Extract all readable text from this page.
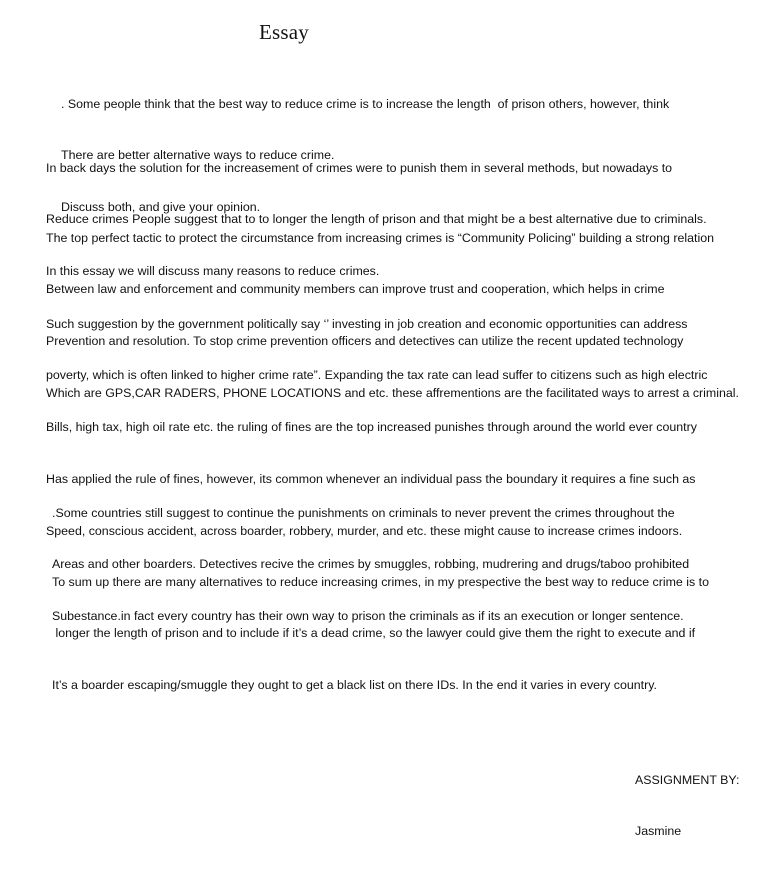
Essay

. Some people think that the best way to reduce crime is to increase the length  of prison others, however, think

There are better alternative ways to reduce crime.

Discuss both, and give your opinion.

In back days the solution for the increasement of crimes were to punish them in several methods, but nowadays to

Reduce crimes People suggest that to to longer the length of prison and that might be a best alternative due to criminals.

In this essay we will discuss many reasons to reduce crimes.

The top perfect tactic to protect the circumstance from increasing crimes is “Community Policing” building a strong relation

Between law and enforcement and community members can improve trust and cooperation, which helps in crime

Prevention and resolution. To stop crime prevention officers and detectives can utilize the recent updated technology

Which are GPS,CAR RADERS, PHONE LOCATIONS and etc. these affrementions are the facilitated ways to arrest a criminal.

Such suggestion by the government politically say ‘’ investing in job creation and economic opportunities can address

poverty, which is often linked to higher crime rate”. Expanding the tax rate can lead suffer to citizens such as high electric

Bills, high tax, high oil rate etc. the ruling of fines are the top increased punishes through around the world ever country

Has applied the rule of fines, however, its common whenever an individual pass the boundary it requires a fine such as

Speed, conscious accident, across boarder, robbery, murder, and etc. these might cause to increase crimes indoors.

.Some countries still suggest to continue the punishments on criminals to never prevent the crimes throughout the

Areas and other boarders. Detectives recive the crimes by smuggles, robbing, mudrering and drugs/taboo prohibited

Subestance.in fact every country has their own way to prison the criminals as if its an execution or longer sentence.

To sum up there are many alternatives to reduce increasing crimes, in my prespective the best way to reduce crime is to

longer the length of prison and to include if it’s a dead crime, so the lawyer could give them the right to execute and if

It’s a boarder escaping/smuggle they ought to get a black list on there IDs. In the end it varies in every country.

ASSIGNMENT BY:

Jasmine
